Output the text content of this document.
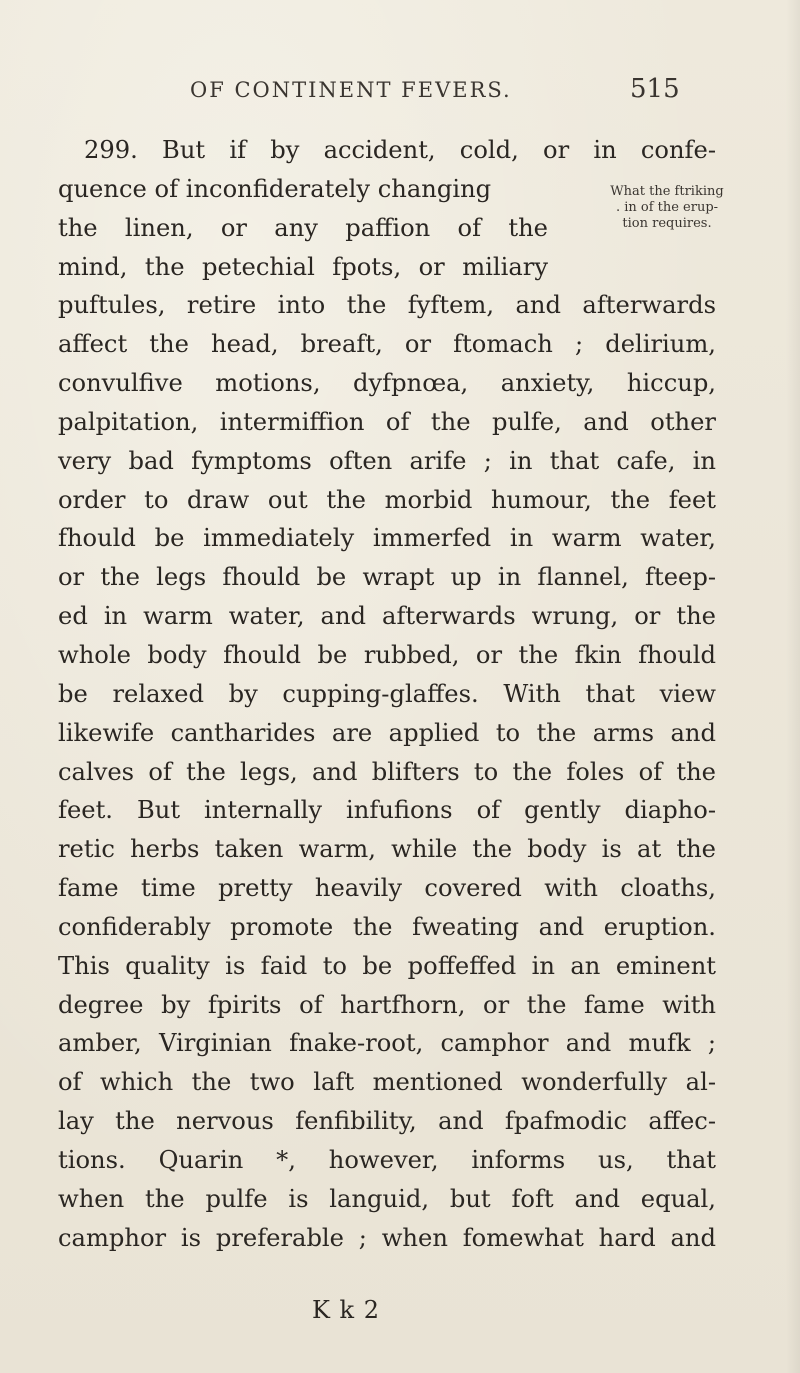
OF CONTINENT FEVERS.	515
What the ftriking
. in of the erup-
tion requires.
299. But if by accident, cold, or in confe-
quence of inconfiderately changing
the linen, or any paffion of the
mind, the petechial fpots, or miliary
puftules, retire into the fyftem, and afterwards
affect the head, breaft, or ftomach ; delirium,
convulfive motions, dyfpnœa, anxiety, hiccup,
palpitation, intermiffion of the pulfe, and other
very bad fymptoms often arife ; in that cafe, in
order to draw out the morbid humour, the feet
fhould be immediately immerfed in warm water,
or the legs fhould be wrapt up in flannel, fteep-
ed in warm water, and afterwards wrung, or the
whole body fhould be rubbed, or the fkin fhould
be relaxed by cupping-glaffes. With that view
likewife cantharides are applied to the arms and
calves of the legs, and blifters to the foles of the
feet. But internally infufions of gently diapho-
retic herbs taken warm, while the body is at the
fame time pretty heavily covered with cloaths,
confiderably promote the fweating and eruption.
This quality is faid to be poffeffed in an eminent
degree by fpirits of hartfhorn, or the fame with
amber, Virginian fnake-root, camphor and mufk ;
of which the two laft mentioned wonderfully al-
lay the nervous fenfibility, and fpafmodic affec-
tions. Quarin *, however, informs us, that
when the pulfe is languid, but foft and equal,
camphor is preferable ; when fomewhat hard and
K k 2
